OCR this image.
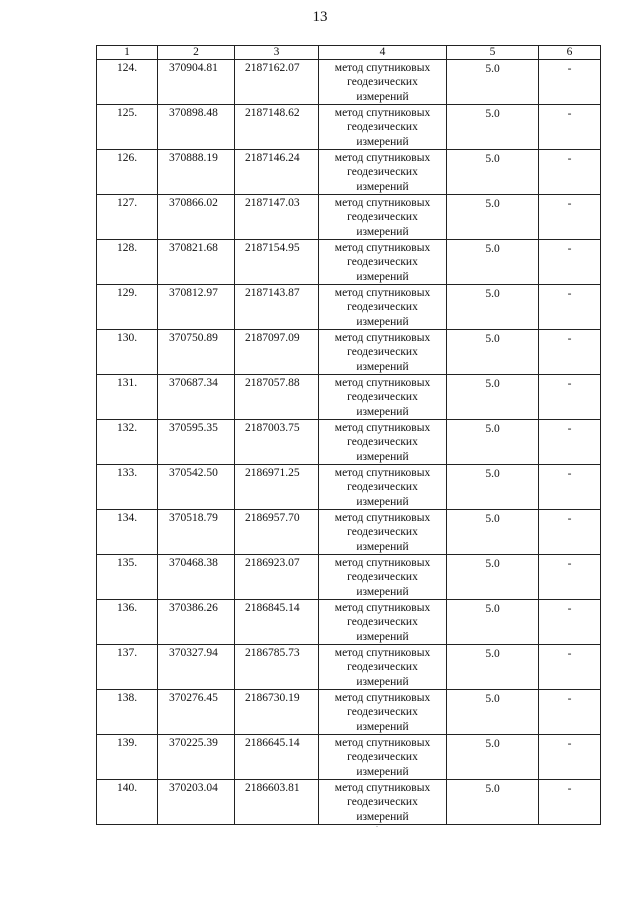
13
1	2	3	4	5	6
124.	370904.81	2187162.07	метод спутниковых геодезических измерений	5.0	-
125.	370898.48	2187148.62	метод спутниковых геодезических измерений	5.0	-
126.	370888.19	2187146.24	метод спутниковых геодезических измерений	5.0	-
127.	370866.02	2187147.03	метод спутниковых геодезических измерений	5.0	-
128.	370821.68	2187154.95	метод спутниковых геодезических измерений	5.0	-
129.	370812.97	2187143.87	метод спутниковых геодезических измерений	5.0	-
130.	370750.89	2187097.09	метод спутниковых геодезических измерений	5.0	-
131.	370687.34	2187057.88	метод спутниковых геодезических измерений	5.0	-
132.	370595.35	2187003.75	метод спутниковых геодезических измерений	5.0	-
133.	370542.50	2186971.25	метод спутниковых геодезических измерений	5.0	-
134.	370518.79	2186957.70	метод спутниковых геодезических измерений	5.0	-
135.	370468.38	2186923.07	метод спутниковых геодезических измерений	5.0	-
136.	370386.26	2186845.14	метод спутниковых геодезических измерений	5.0	-
137.	370327.94	2186785.73	метод спутниковых геодезических измерений	5.0	-
138.	370276.45	2186730.19	метод спутниковых геодезических измерений	5.0	-
139.	370225.39	2186645.14	метод спутниковых геодезических измерений	5.0	-
140.	370203.04	2186603.81	метод спутниковых геодезических измерений	5.0	-
